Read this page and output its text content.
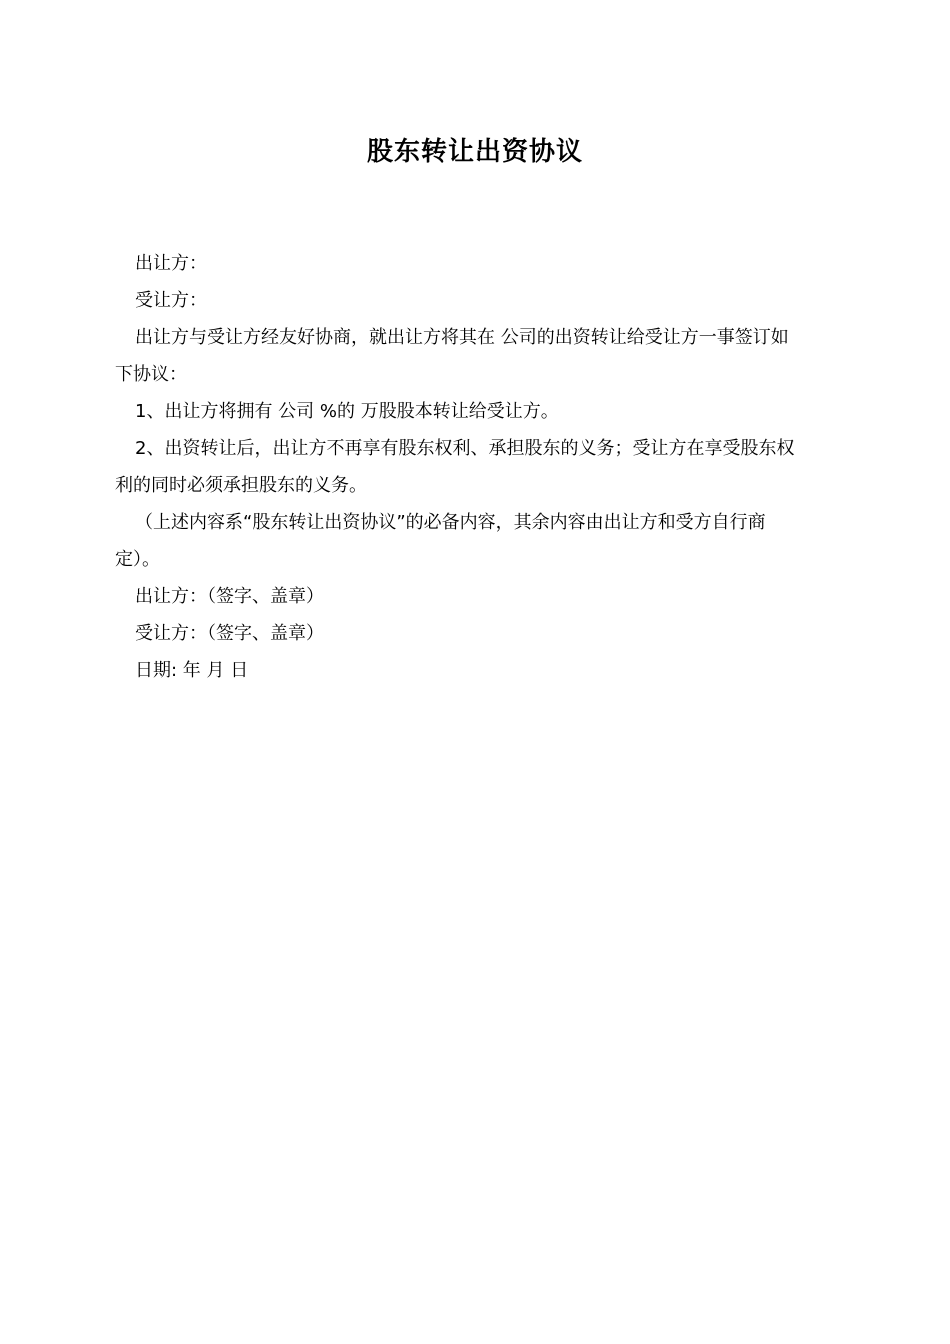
股东转让出资协议

出让方：

受让方：

出让方与受让方经友好协商，就出让方将其在 公司的出资转让给受让方一事签订如

下协议：

1、出让方将拥有 公司 %的 万股股本转让给受让方。

2、出资转让后，出让方不再享有股东权利、承担股东的义务；受让方在享受股东权

利的同时必须承担股东的义务。

（上述内容系“股东转让出资协议”的必备内容，其余内容由出让方和受方自行商

定）。

出让方：（签字、盖章）

受让方：（签字、盖章）

日期: 年 月 日
